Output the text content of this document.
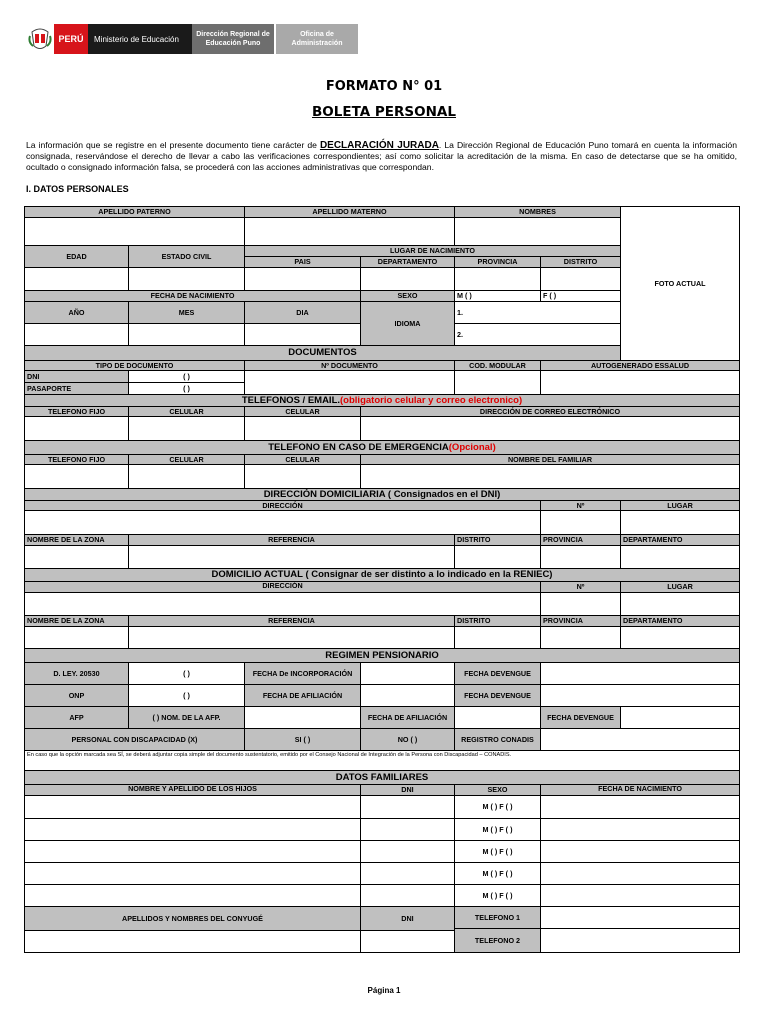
PERÚ	Ministerio de Educación	Dirección Regional de Educación Puno
Oficina de Administración
FORMATO N° 01
BOLETA PERSONAL
La información que se registre en el presente documento tiene carácter de DECLARACIÓN JURADA. La Dirección Regional de Educación Puno tomará en cuenta la información consignada, reservándose el derecho de llevar a cabo las verificaciones correspondientes; así como solicitar la acreditación de la misma. En caso de detectarse que se ha omitido, ocultado o consignado información falsa, se procederá con las acciones administrativas que correspondan.
I. DATOS PERSONALES
APELLIDO PATERNO	APELLIDO MATERNO	NOMBRES
FOTO ACTUAL
EDAD	ESTADO CIVIL
LUGAR DE NACIMIENTO
PAIS	DEPARTAMENTO	PROVINCIA	DISTRITO
FECHA DE NACIMIENTO	SEXO	M ( )	F ( )
AÑO	MES	DIA
IDIOMA
1.
2.
DOCUMENTOS
TIPO DE DOCUMENTO	Nº DOCUMENTO	COD. MODULAR	AUTOGENERADO ESSALUD
DNI	( )
PASAPORTE	( )
TELEFONOS / EMAIL. (obligatorio celular y correo electronico)
TELEFONO FIJO	CELULAR	CELULAR	DIRECCIÓN DE CORREO ELECTRÓNICO
TELEFONO EN CASO DE EMERGENCIA (Opcional)
TELEFONO FIJO	CELULAR	CELULAR	NOMBRE DEL FAMILIAR
DIRECCIÓN DOMICILIARIA ( Consignados en el DNI)
DIRECCIÓN	Nº	LUGAR
NOMBRE DE LA ZONA	REFERENCIA	DISTRITO	PROVINCIA	DEPARTAMENTO
DOMICILIO ACTUAL ( Consignar de ser distinto a lo indicado en la RENIEC)
DIRECCIÓN	Nº	LUGAR
NOMBRE DE LA ZONA	REFERENCIA	DISTRITO	PROVINCIA	DEPARTAMENTO
REGIMEN PENSIONARIO
D. LEY. 20530	( )	FECHA De INCORPORACIÓN	FECHA DEVENGUE
ONP	( )	FECHA DE AFILIACIÓN	FECHA DEVENGUE
AFP	( ) NOM. DE LA AFP.	FECHA DE AFILIACIÓN	FECHA DEVENGUE
PERSONAL CON DISCAPACIDAD (X)	SI ( )	NO ( )	REGISTRO CONADIS
En caso que la opción marcada sea SÍ, se deberá adjuntar copia simple del documento sustentatorio, emitido por el Consejo Nacional de Integración de la Persona con Discapacidad – CONADIS.
DATOS FAMILIARES
NOMBRE Y APELLIDO DE LOS HIJOS	DNI	SEXO	FECHA DE NACIMIENTO
M ( ) F ( )
M ( ) F ( )
M ( ) F ( )
M ( ) F ( )
M ( ) F ( )
APELLIDOS Y NOMBRES DEL CONYUGÉ	DNI	TELEFONO 1
TELEFONO 2
Página 1
